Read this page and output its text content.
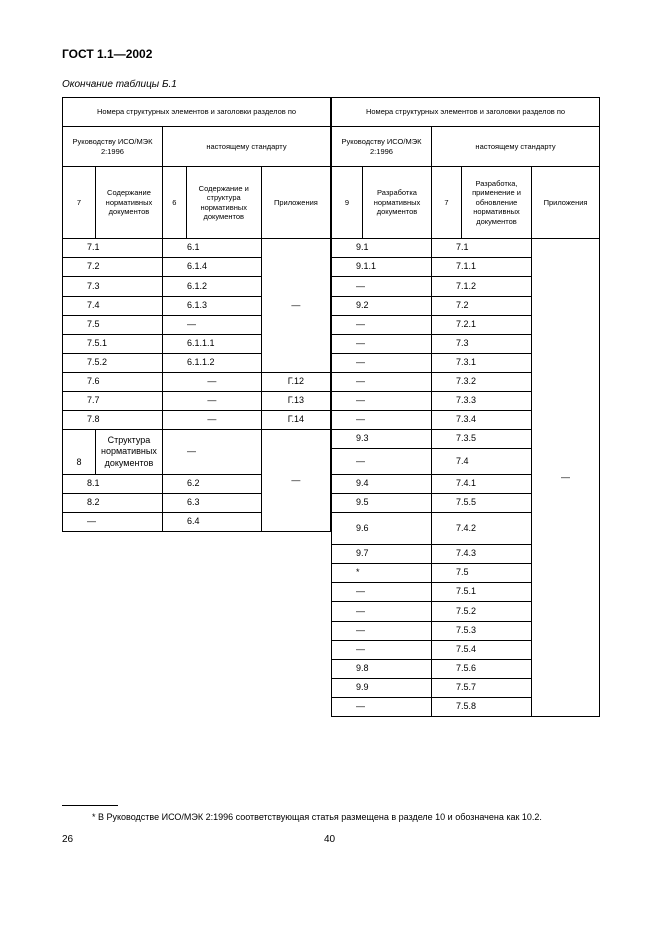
ГОСТ 1.1—2002
Окончание таблицы Б.1
Номера структурных элементов и заголовки разделов по				
Руководству ИСО/МЭК 2:1996		настоящему стандарту		
7	Содержание нормативных документов	6	Содержание и структура нормативных документов	Приложения
7.1		6.1		—
7.2		6.1.4		
7.3		6.1.2		
7.4		6.1.3		
7.5		—		
7.5.1		6.1.1.1		
7.5.2		6.1.1.2		
7.6		—		Г.12
7.7		—		Г.13
7.8		—		Г.14
8	Структура нормативных документов	—		—
8.1		6.2		
8.2		6.3		
—		6.4		
Номера структурных элементов и заголовки разделов по				
Руководству ИСО/МЭК 2:1996		настоящему стандарту		
9	Разработка нормативных документов	7	Разработка, применение и обновление нормативных документов	Приложения
9.1		7.1		—
9.1.1		7.1.1		
—		7.1.2		
9.2		7.2		
—		7.2.1		
—		7.3		
—		7.3.1		
—		7.3.2		
—		7.3.3		
—		7.3.4		
9.3		7.3.5		
—		7.4		
9.4		7.4.1		
9.5		7.5.5		
9.6		7.4.2		
9.7		7.4.3		
*		7.5		
—		7.5.1		
—		7.5.2		
—		7.5.3		
—		7.5.4		
9.8		7.5.6		
9.9		7.5.7		
—		7.5.8		
* В Руководстве ИСО/МЭК 2:1996 соответствующая статья размещена в разделе 10 и обозначена как 10.2.
26	40
